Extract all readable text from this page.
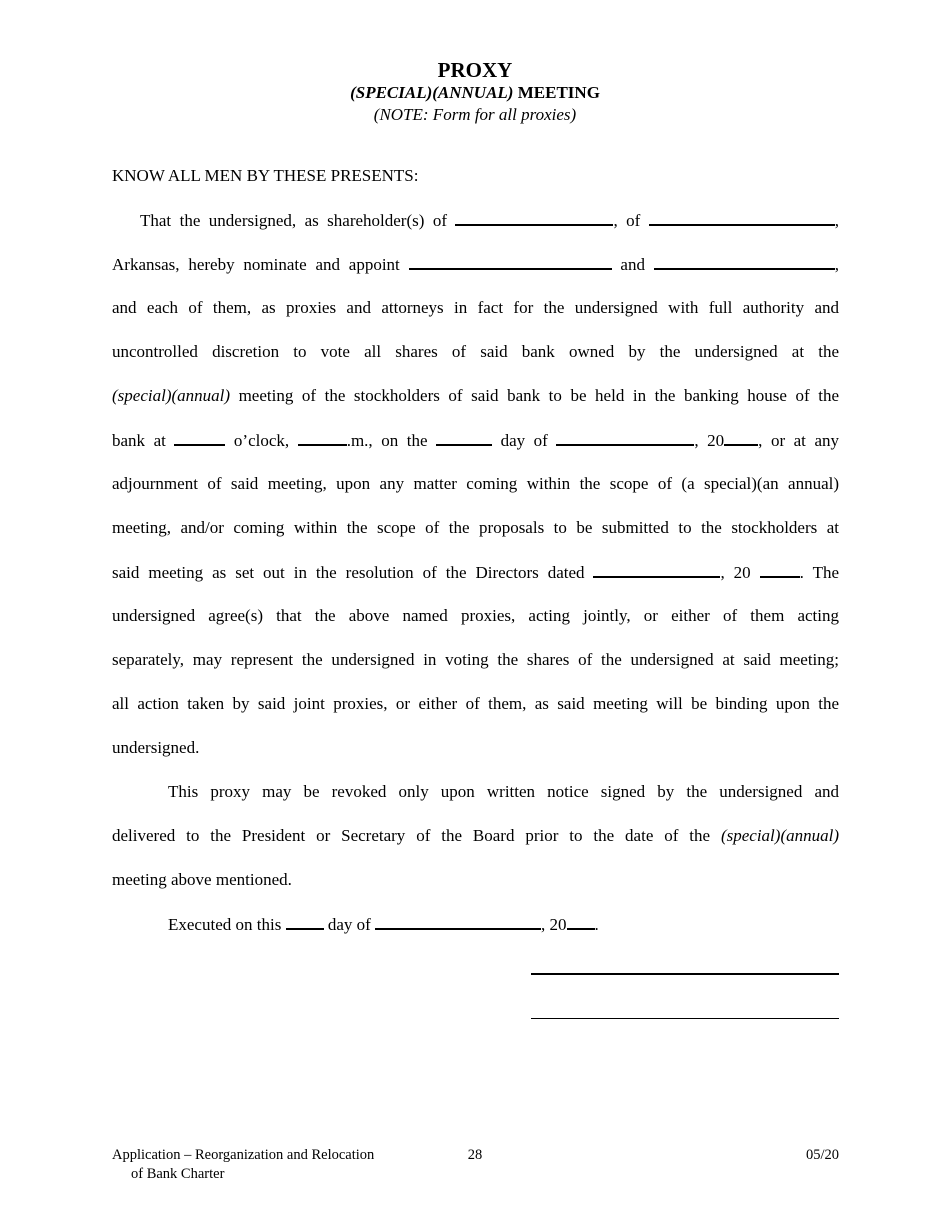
PROXY
(SPECIAL)(ANNUAL) MEETING
(NOTE: Form for all proxies)
KNOW ALL MEN BY THESE PRESENTS:
That the undersigned, as shareholder(s) of	, of	,
Arkansas, hereby nominate and appoint	and	,
and each of them, as proxies and attorneys in fact for the undersigned with full authority and
uncontrolled discretion to vote all shares of said bank owned by the undersigned at the
(special)(annual) meeting of the stockholders of said bank to be held in the banking house of the
bank at	o’clock,	.m., on the	day of	, 20 , or at any
adjournment of said meeting, upon any matter coming within the scope of (a special)(an annual)
meeting, and/or coming within the scope of the proposals to be submitted to the stockholders at
said meeting as set out in the resolution of the Directors dated	, 20 . The
undersigned agree(s) that the above named proxies, acting jointly, or either of them acting
separately, may represent the undersigned in voting the shares of the undersigned at said meeting;
all action taken by said joint proxies, or either of them, as said meeting will be binding upon the
undersigned.
This proxy may be revoked only upon written notice signed by the undersigned and
delivered to the President or Secretary of the Board prior to the date of the (special)(annual)
meeting above mentioned.
Executed on this  day of	, 20 .
Application – Reorganization and Relocation
of Bank Charter
28	05/20
